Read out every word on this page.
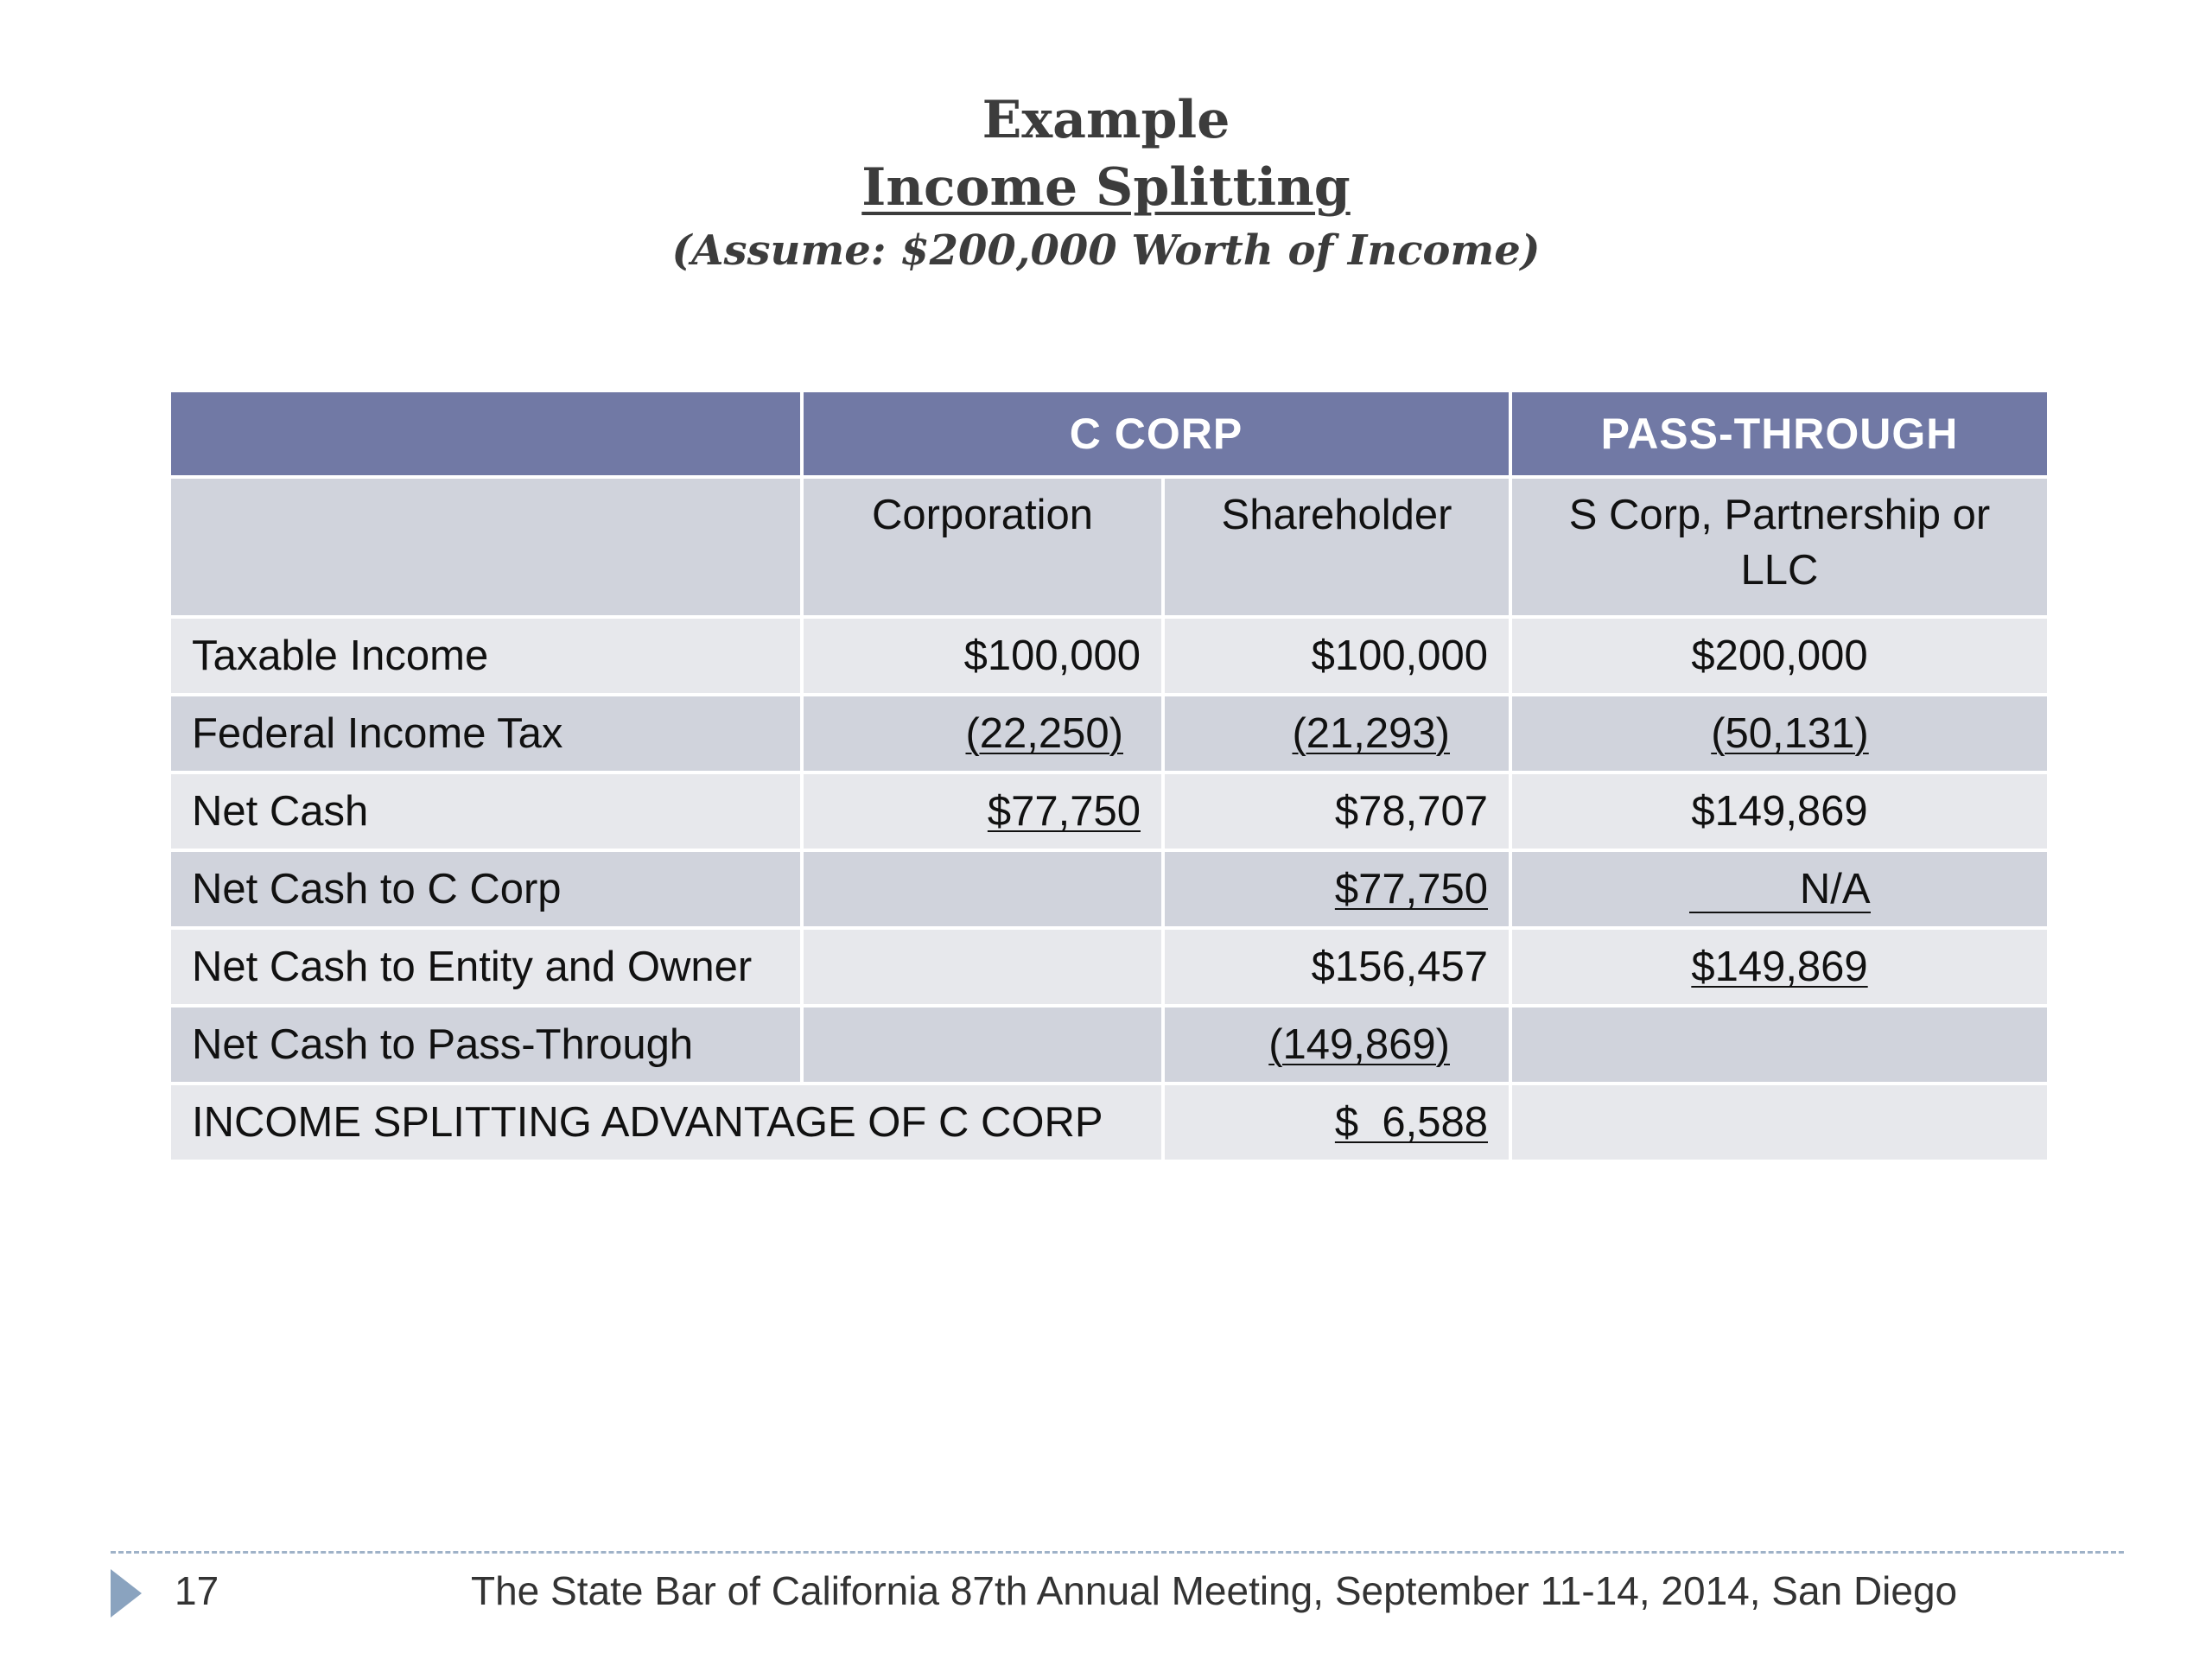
Example
Income Splitting
(Assume: $200,000 Worth of Income)
	C CORP		PASS-THROUGH
	Corporation	Shareholder	S Corp, Partnership or LLC
Taxable Income	$100,000	$100,000	$200,000
Federal Income Tax	(22,250)	(21,293)	(50,131)
Net Cash	$77,750	$78,707	$149,869
Net Cash to C Corp		$77,750	N/A
Net Cash to Entity and Owner		$156,457	$149,869
Net Cash to Pass-Through		(149,869)	
INCOME SPLITTING ADVANTAGE OF C CORP		$  6,588	
17	The State Bar of California 87th Annual Meeting, September 11-14, 2014, San Diego
